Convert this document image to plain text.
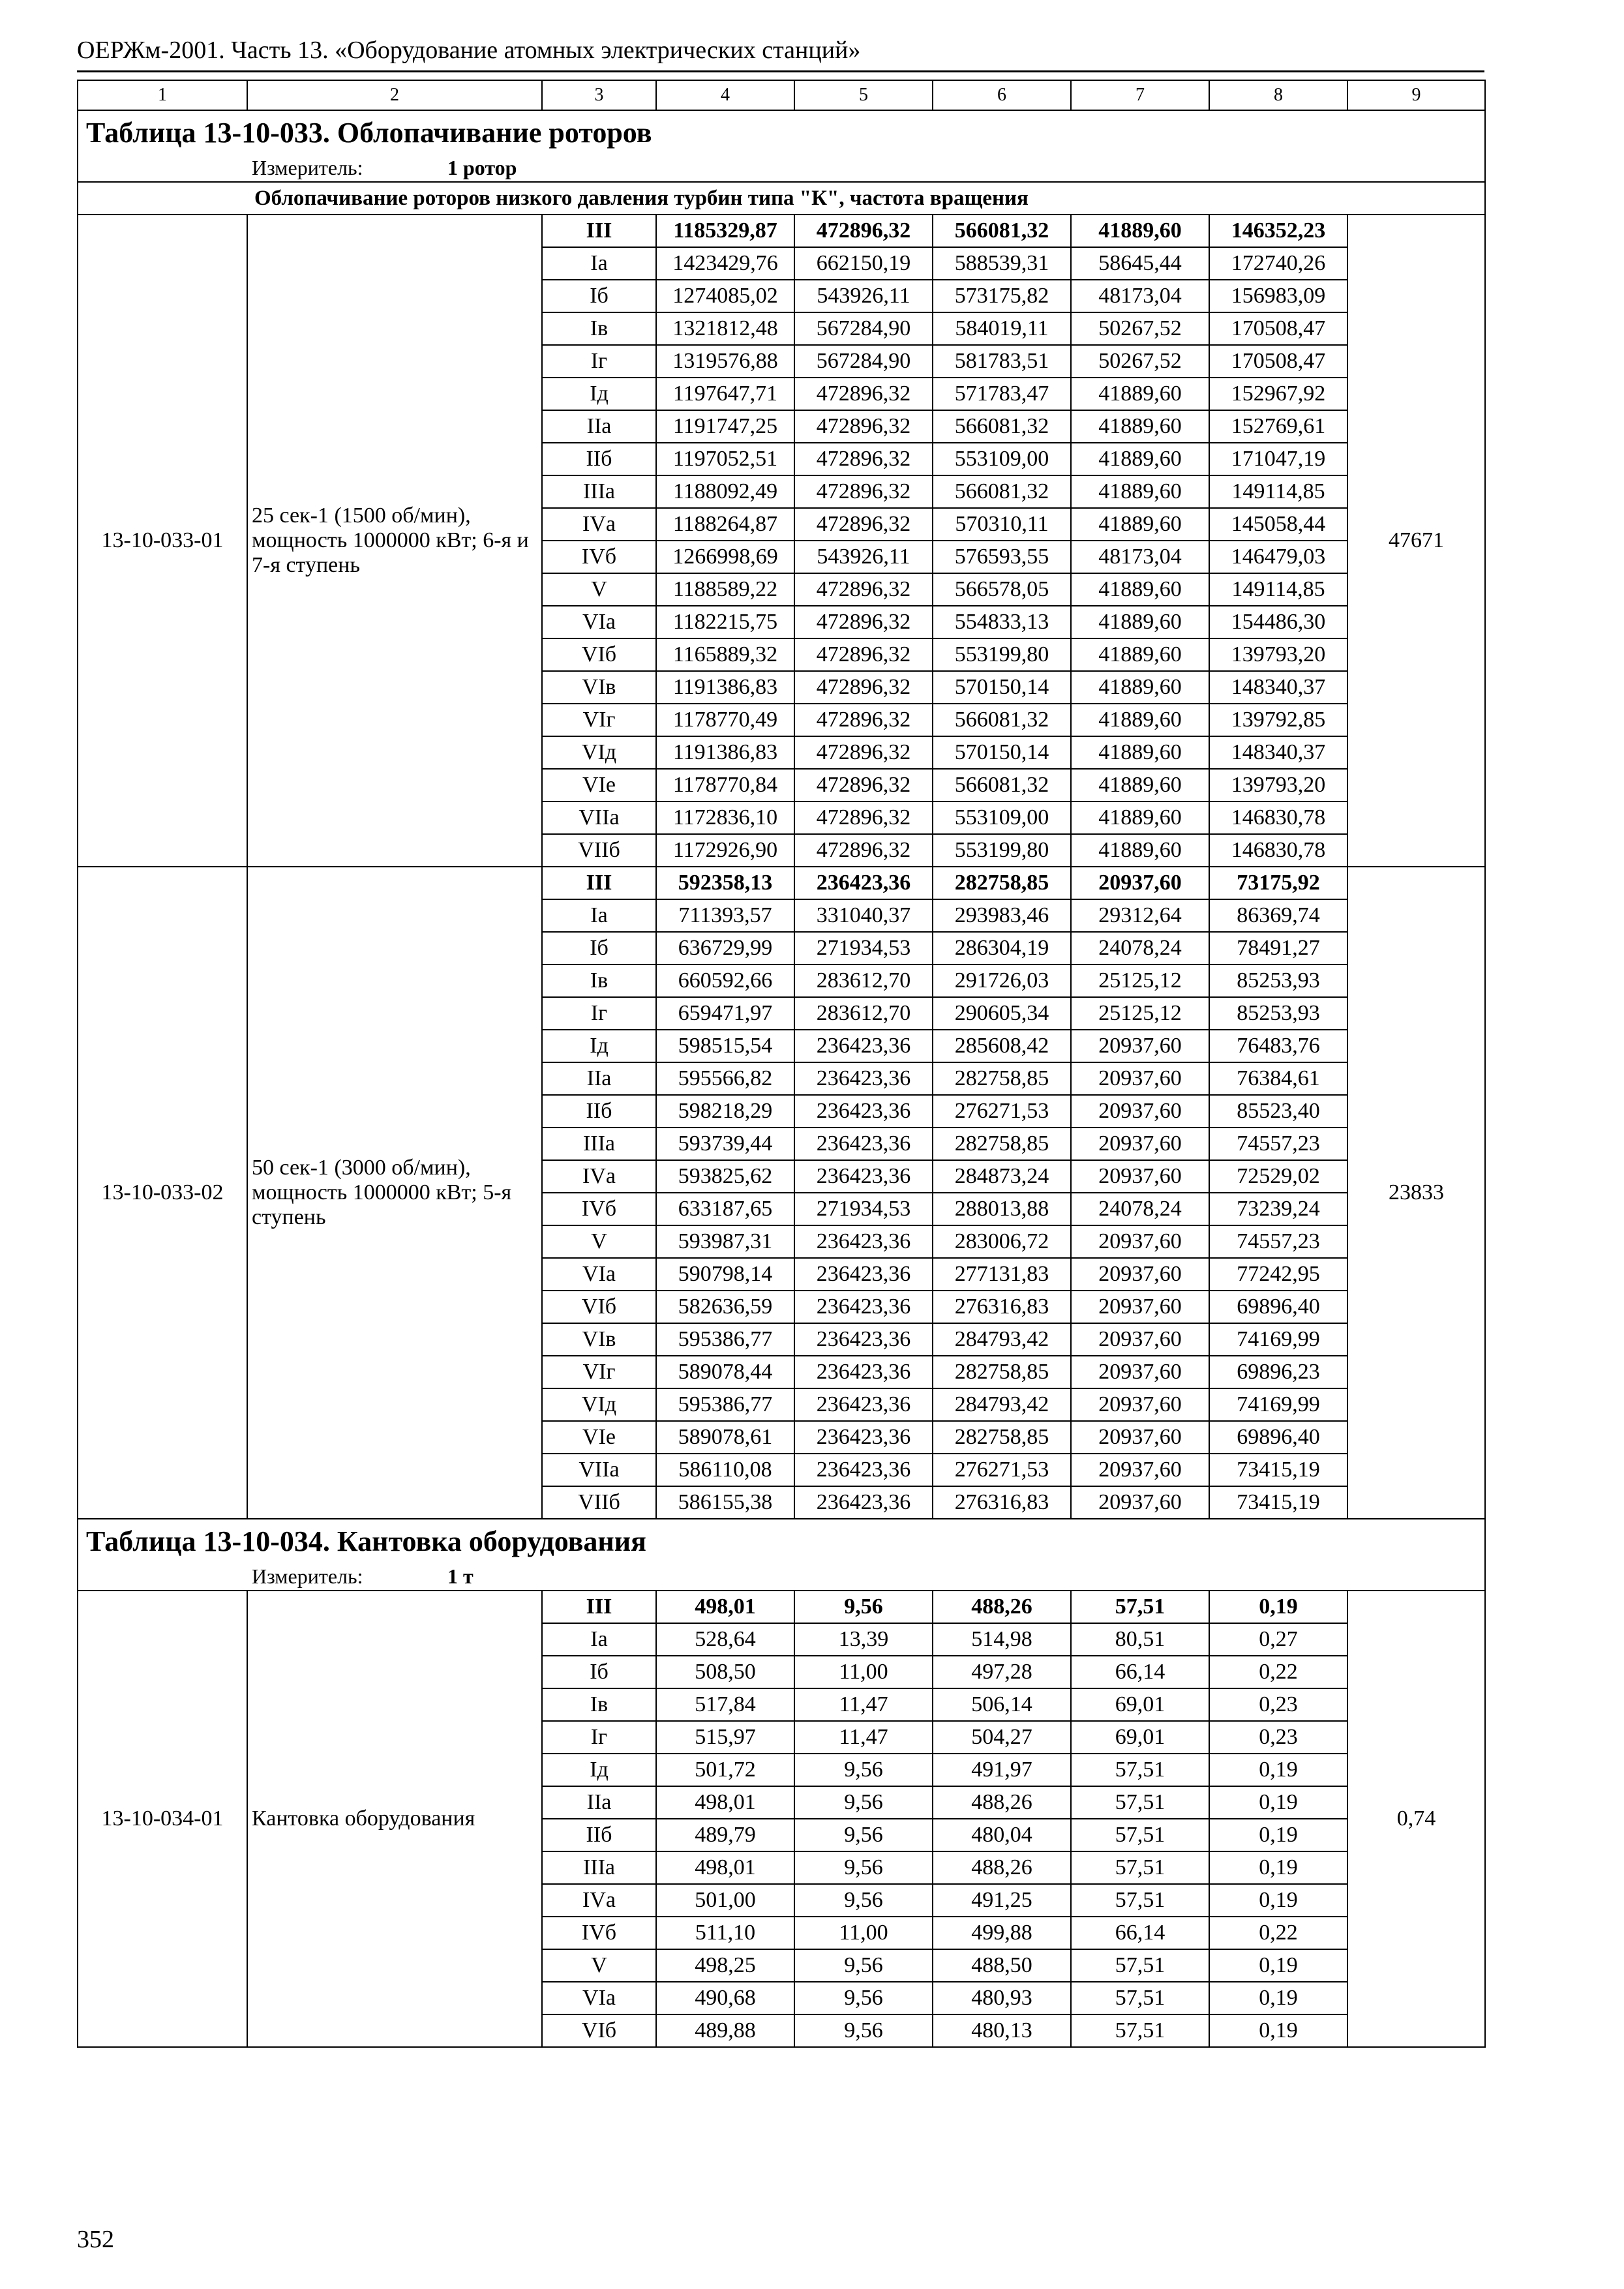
ОЕРЖм-2001. Часть 13. «Оборудование атомных электрических станций»
1	2	3	4	5	6	7	8	9
Таблица 13-10-033. Облопачивание роторов								
Измеритель: 1 ротор								
Облопачивание роторов низкого давления турбин типа "К", частота вращения								
13-10-033-01	25 сек-1 (1500 об/мин), мощность 1000000 кВт; 6-я и 7-я ступень	III	1185329,87	472896,32	566081,32	41889,60	146352,23	47671
		Iа	1423429,76	662150,19	588539,31	58645,44	172740,26	
		Iб	1274085,02	543926,11	573175,82	48173,04	156983,09	
		Iв	1321812,48	567284,90	584019,11	50267,52	170508,47	
		Iг	1319576,88	567284,90	581783,51	50267,52	170508,47	
		Iд	1197647,71	472896,32	571783,47	41889,60	152967,92	
		IIа	1191747,25	472896,32	566081,32	41889,60	152769,61	
		IIб	1197052,51	472896,32	553109,00	41889,60	171047,19	
		IIIа	1188092,49	472896,32	566081,32	41889,60	149114,85	
		IVа	1188264,87	472896,32	570310,11	41889,60	145058,44	
		IVб	1266998,69	543926,11	576593,55	48173,04	146479,03	
		V	1188589,22	472896,32	566578,05	41889,60	149114,85	
		VIа	1182215,75	472896,32	554833,13	41889,60	154486,30	
		VIб	1165889,32	472896,32	553199,80	41889,60	139793,20	
		VIв	1191386,83	472896,32	570150,14	41889,60	148340,37	
		VIг	1178770,49	472896,32	566081,32	41889,60	139792,85	
		VIд	1191386,83	472896,32	570150,14	41889,60	148340,37	
		VIе	1178770,84	472896,32	566081,32	41889,60	139793,20	
		VIIа	1172836,10	472896,32	553109,00	41889,60	146830,78	
		VIIб	1172926,90	472896,32	553199,80	41889,60	146830,78	
13-10-033-02	50 сек-1 (3000 об/мин), мощность 1000000 кВт; 5-я ступень	III	592358,13	236423,36	282758,85	20937,60	73175,92	23833
		Iа	711393,57	331040,37	293983,46	29312,64	86369,74	
		Iб	636729,99	271934,53	286304,19	24078,24	78491,27	
		Iв	660592,66	283612,70	291726,03	25125,12	85253,93	
		Iг	659471,97	283612,70	290605,34	25125,12	85253,93	
		Iд	598515,54	236423,36	285608,42	20937,60	76483,76	
		IIа	595566,82	236423,36	282758,85	20937,60	76384,61	
		IIб	598218,29	236423,36	276271,53	20937,60	85523,40	
		IIIа	593739,44	236423,36	282758,85	20937,60	74557,23	
		IVа	593825,62	236423,36	284873,24	20937,60	72529,02	
		IVб	633187,65	271934,53	288013,88	24078,24	73239,24	
		V	593987,31	236423,36	283006,72	20937,60	74557,23	
		VIа	590798,14	236423,36	277131,83	20937,60	77242,95	
		VIб	582636,59	236423,36	276316,83	20937,60	69896,40	
		VIв	595386,77	236423,36	284793,42	20937,60	74169,99	
		VIг	589078,44	236423,36	282758,85	20937,60	69896,23	
		VIд	595386,77	236423,36	284793,42	20937,60	74169,99	
		VIе	589078,61	236423,36	282758,85	20937,60	69896,40	
		VIIа	586110,08	236423,36	276271,53	20937,60	73415,19	
		VIIб	586155,38	236423,36	276316,83	20937,60	73415,19	
Таблица 13-10-034. Кантовка оборудования								
Измеритель: 1 т								
13-10-034-01	Кантовка оборудования	III	498,01	9,56	488,26	57,51	0,19	0,74
		Iа	528,64	13,39	514,98	80,51	0,27	
		Iб	508,50	11,00	497,28	66,14	0,22	
		Iв	517,84	11,47	506,14	69,01	0,23	
		Iг	515,97	11,47	504,27	69,01	0,23	
		Iд	501,72	9,56	491,97	57,51	0,19	
		IIа	498,01	9,56	488,26	57,51	0,19	
		IIб	489,79	9,56	480,04	57,51	0,19	
		IIIа	498,01	9,56	488,26	57,51	0,19	
		IVа	501,00	9,56	491,25	57,51	0,19	
		IVб	511,10	11,00	499,88	66,14	0,22	
		V	498,25	9,56	488,50	57,51	0,19	
		VIа	490,68	9,56	480,93	57,51	0,19	
		VIб	489,88	9,56	480,13	57,51	0,19	
352
